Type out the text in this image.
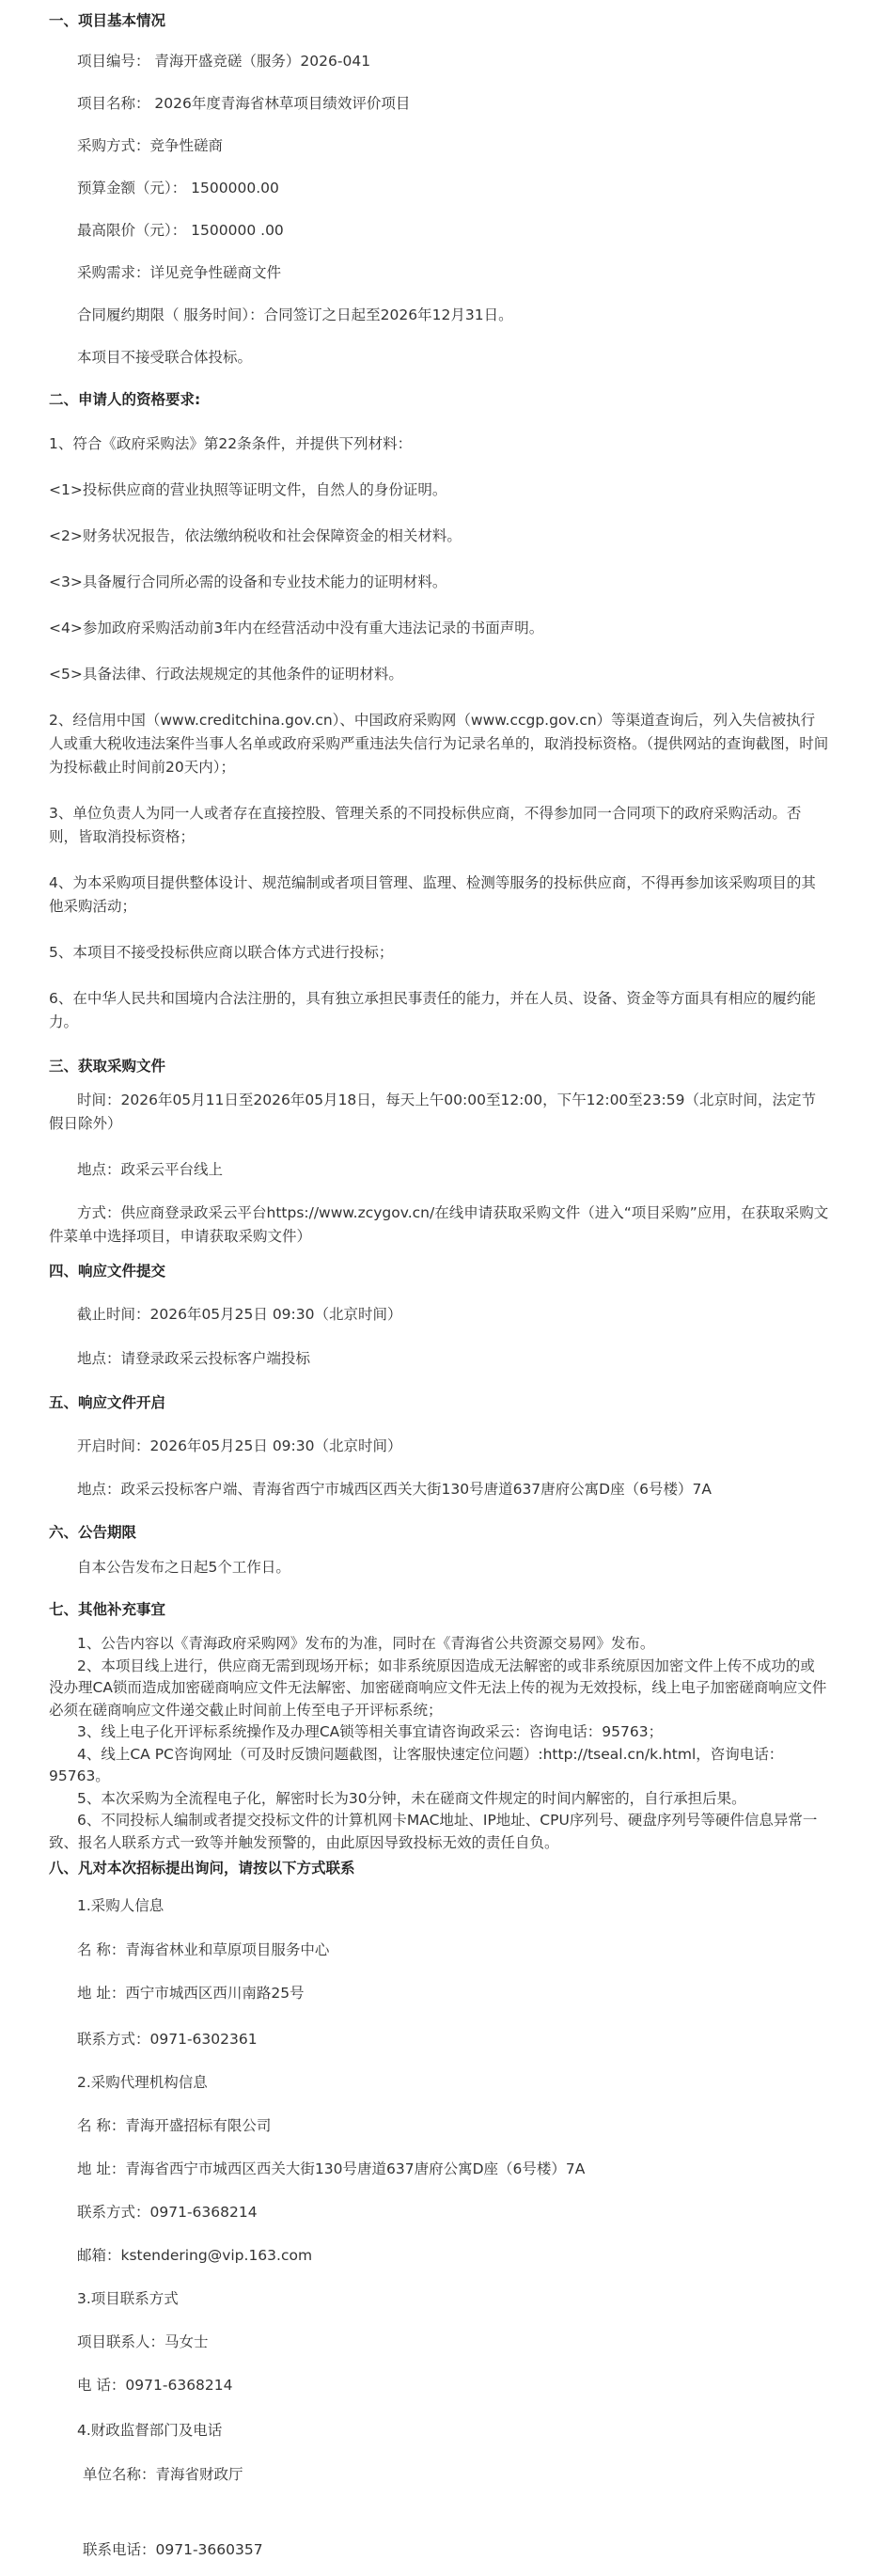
一、项目基本情况

项目编号： 青海开盛竞磋（服务）2026-041

项目名称： 2026年度青海省林草项目绩效评价项目

采购方式：竞争性磋商

预算金额（元）： 1500000.00

最高限价（元）： 1500000 .00

采购需求：详见竞争性磋商文件

合同履约期限（ 服务时间）：合同签订之日起至2026年12月31日。

本项目不接受联合体投标。

二、申请人的资格要求:

1、符合《政府采购法》第22条条件，并提供下列材料：

<1>投标供应商的营业执照等证明文件，自然人的身份证明。

<2>财务状况报告，依法缴纳税收和社会保障资金的相关材料。

<3>具备履行合同所必需的设备和专业技术能力的证明材料。

<4>参加政府采购活动前3年内在经营活动中没有重大违法记录的书面声明。

<5>具备法律、行政法规规定的其他条件的证明材料。

2、经信用中国（www.creditchina.gov.cn）、中国政府采购网（www.ccgp.gov.cn）等渠道查询后，列入失信被执行人或重大税收违法案件当事人名单或政府采购严重违法失信行为记录名单的，取消投标资格。（提供网站的查询截图，时间为投标截止时间前20天内）；

3、单位负责人为同一人或者存在直接控股、管理关系的不同投标供应商，不得参加同一合同项下的政府采购活动。否则，皆取消投标资格；

4、为本采购项目提供整体设计、规范编制或者项目管理、监理、检测等服务的投标供应商，不得再参加该采购项目的其他采购活动；

5、本项目不接受投标供应商以联合体方式进行投标；

6、在中华人民共和国境内合法注册的，具有独立承担民事责任的能力，并在人员、设备、资金等方面具有相应的履约能力。

三、获取采购文件

时间：2026年05月11日至2026年05月18日，每天上午00:00至12:00，下午12:00至23:59（北京时间，法定节假日除外）

地点：政采云平台线上

方式：供应商登录政采云平台https://www.zcygov.cn/在线申请获取采购文件（进入“项目采购”应用，在获取采购文件菜单中选择项目，申请获取采购文件）

四、响应文件提交

截止时间：2026年05月25日 09:30（北京时间）

地点：请登录政采云投标客户端投标

五、响应文件开启

开启时间：2026年05月25日 09:30（北京时间）

地点：政采云投标客户端、青海省西宁市城西区西关大街130号唐道637唐府公寓D座（6号楼）7A

六、公告期限

自本公告发布之日起5个工作日。

七、其他补充事宜

1、公告内容以《青海政府采购网》发布的为准，同时在《青海省公共资源交易网》发布。

2、本项目线上进行，供应商无需到现场开标；如非系统原因造成无法解密的或非系统原因加密文件上传不成功的或没办理CA锁而造成加密磋商响应文件无法解密、加密磋商响应文件无法上传的视为无效投标，线上电子加密磋商响应文件必须在磋商响应文件递交截止时间前上传至电子开评标系统；

3、线上电子化开评标系统操作及办理CA锁等相关事宜请咨询政采云：咨询电话：95763；

4、线上CA PC咨询网址（可及时反馈问题截图，让客服快速定位问题）:http://tseal.cn/k.html，咨询电话：95763。

5、本次采购为全流程电子化，解密时长为30分钟，未在磋商文件规定的时间内解密的，自行承担后果。

6、不同投标人编制或者提交投标文件的计算机网卡MAC地址、IP地址、CPU序列号、硬盘序列号等硬件信息异常一致、报名人联系方式一致等并触发预警的，由此原因导致投标无效的责任自负。

八、凡对本次招标提出询问，请按以下方式联系

1.采购人信息

名 称：青海省林业和草原项目服务中心

地 址：西宁市城西区西川南路25号

联系方式：0971-6302361

2.采购代理机构信息

名 称：青海开盛招标有限公司

地 址：青海省西宁市城西区西关大街130号唐道637唐府公寓D座（6号楼）7A

联系方式：0971-6368214

邮箱：kstendering@vip.163.com

3.项目联系方式

项目联系人：马女士

电 话：0971-6368214

4.财政监督部门及电话

单位名称：青海省财政厅

联系电话：0971-3660357
